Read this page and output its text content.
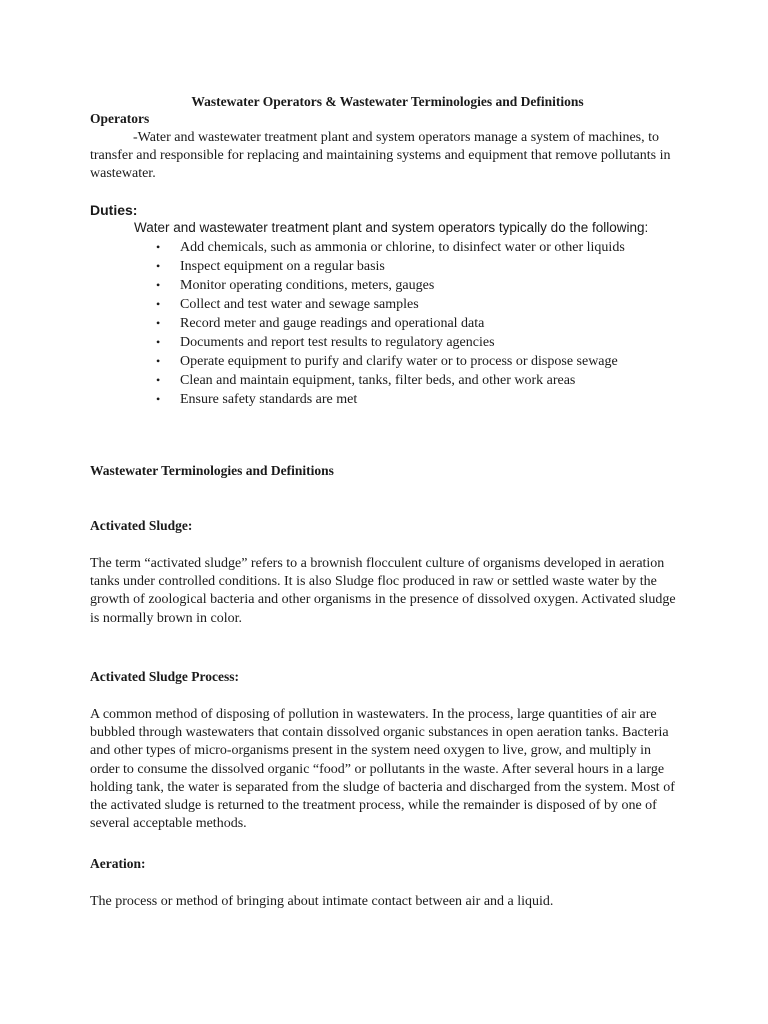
Wastewater Operators & Wastewater Terminologies and Definitions
Operators

-Water and wastewater treatment plant and system operators manage a system of machines, to transfer and responsible for replacing and maintaining systems and equipment that remove pollutants in wastewater.

Duties:
Water and wastewater treatment plant and system operators typically do the following:
• Add chemicals, such as ammonia or chlorine, to disinfect water or other liquids
• Inspect equipment on a regular basis
• Monitor operating conditions, meters, gauges
• Collect and test water and sewage samples
• Record meter and gauge readings and operational data
• Documents and report test results to regulatory agencies
• Operate equipment to purify and clarify water or to process or dispose sewage
• Clean and maintain equipment, tanks, filter beds, and other work areas
• Ensure safety standards are met
Wastewater Terminologies and Definitions
Activated Sludge:

The term “activated sludge” refers to a brownish flocculent culture of organisms developed in aeration tanks under controlled conditions. It is also Sludge floc produced in raw or settled waste water by the growth of zoological bacteria and other organisms in the presence of dissolved oxygen. Activated sludge is normally brown in color.

Activated Sludge Process:

A common method of disposing of pollution in wastewaters. In the process, large quantities of air are bubbled through wastewaters that contain dissolved organic substances in open aeration tanks. Bacteria and other types of micro-organisms present in the system need oxygen to live, grow, and multiply in order to consume the dissolved organic “food” or pollutants in the waste. After several hours in a large holding tank, the water is separated from the sludge of bacteria and discharged from the system. Most of the activated sludge is returned to the treatment process, while the remainder is disposed of by one of several acceptable methods.

Aeration:

The process or method of bringing about intimate contact between air and a liquid.
